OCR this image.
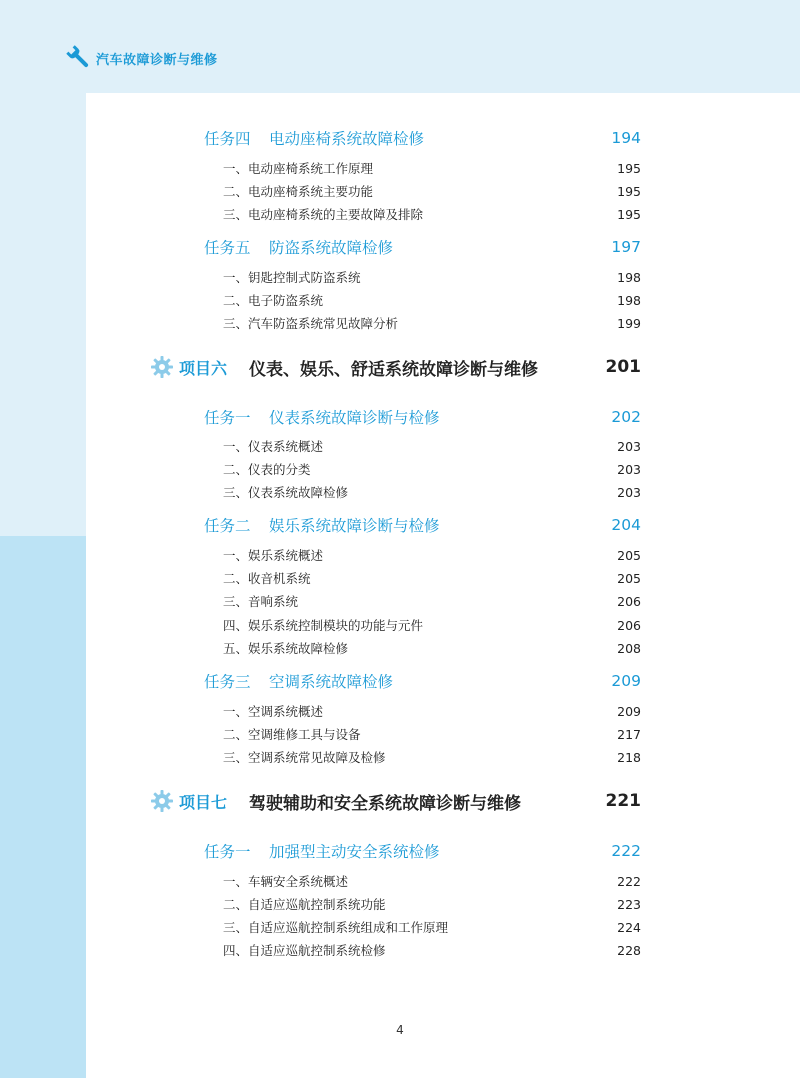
汽车故障诊断与维修
任务四	电动座椅系统故障检修	194
一、电动座椅系统工作原理	195
二、电动座椅系统主要功能	195
三、电动座椅系统的主要故障及排除	195
任务五	防盗系统故障检修	197
一、钥匙控制式防盗系统	198
二、电子防盗系统	198
三、汽车防盗系统常见故障分析	199
项目六	仪表、娱乐、舒适系统故障诊断与维修	201
任务一	仪表系统故障诊断与检修	202
一、仪表系统概述	203
二、仪表的分类	203
三、仪表系统故障检修	203
任务二	娱乐系统故障诊断与检修	204
一、娱乐系统概述	205
二、收音机系统	205
三、音响系统	206
四、娱乐系统控制模块的功能与元件	206
五、娱乐系统故障检修	208
任务三	空调系统故障检修	209
一、空调系统概述	209
二、空调维修工具与设备	217
三、空调系统常见故障及检修	218
项目七	驾驶辅助和安全系统故障诊断与维修	221
任务一	加强型主动安全系统检修	222
一、车辆安全系统概述	222
二、自适应巡航控制系统功能	223
三、自适应巡航控制系统组成和工作原理	224
四、自适应巡航控制系统检修	228
4
